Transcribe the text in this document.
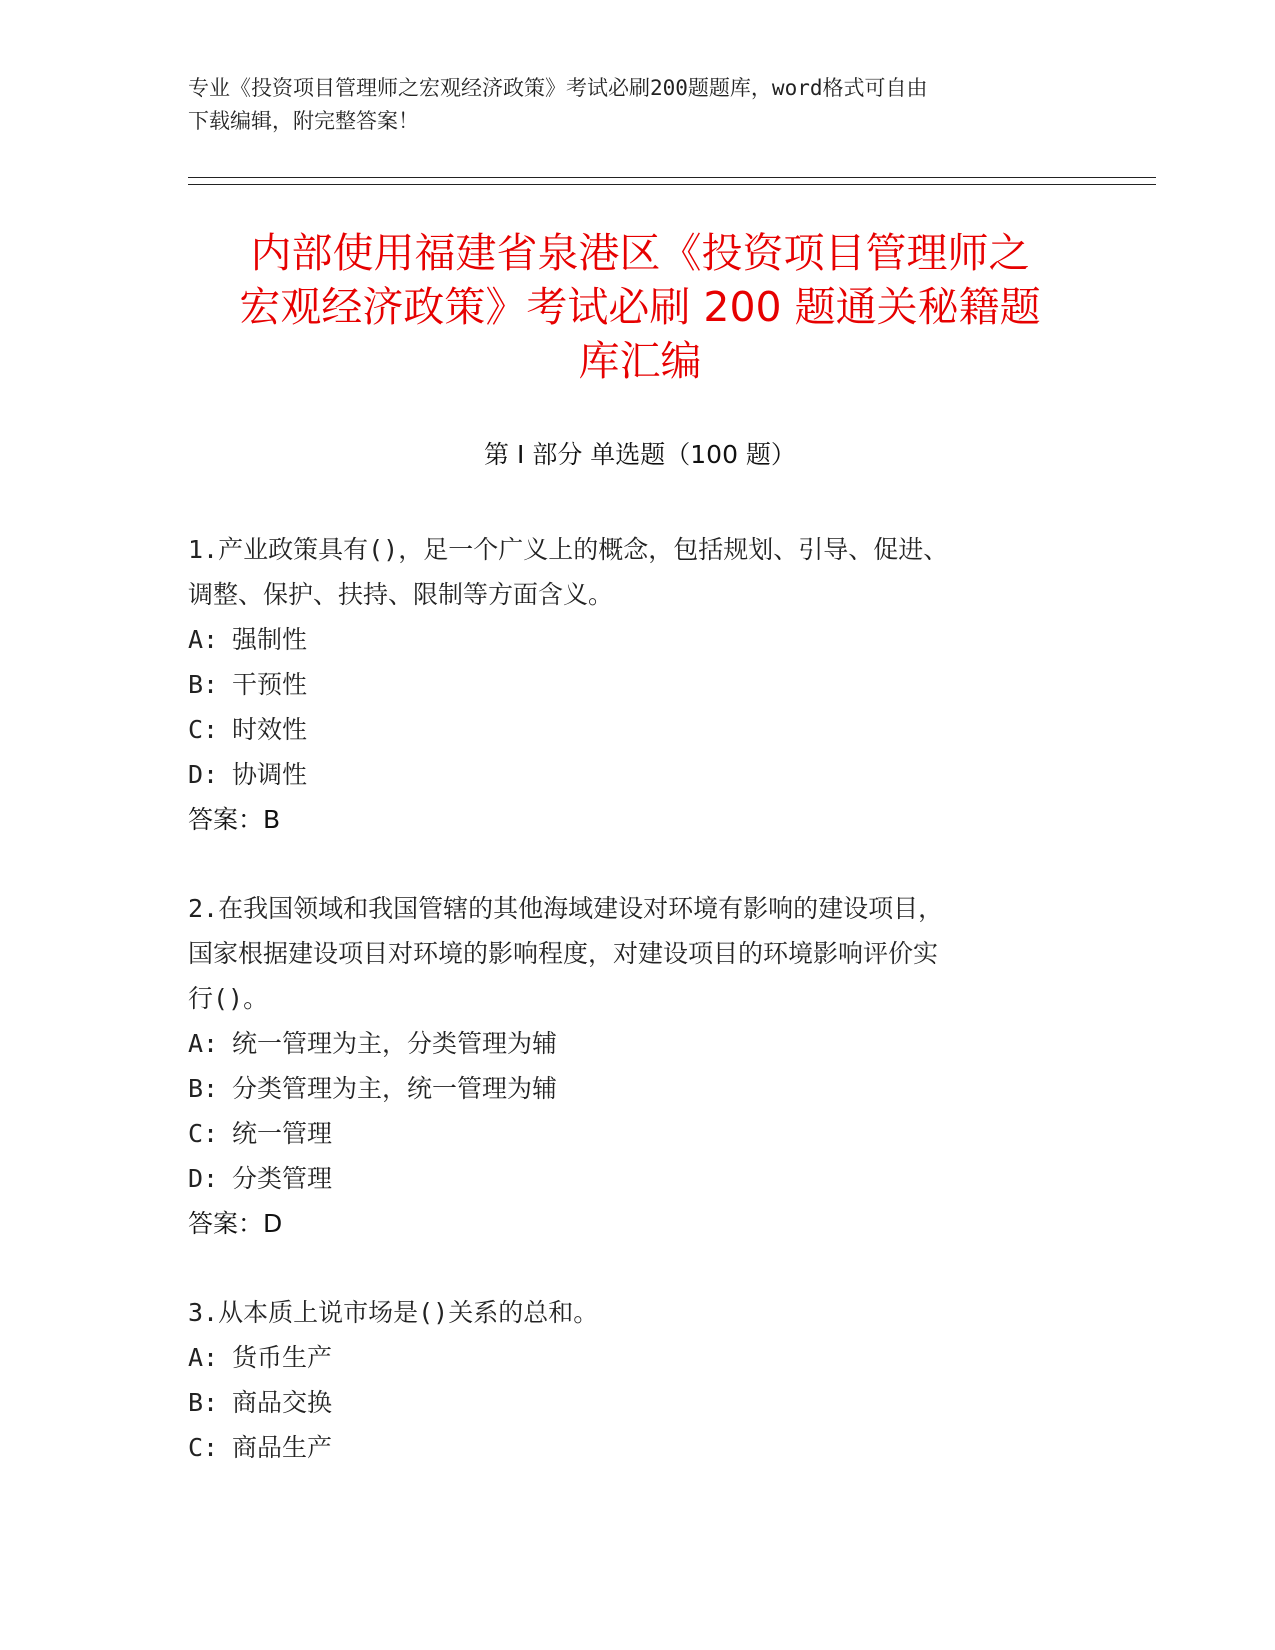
专业《投资项目管理师之宏观经济政策》考试必刷200题题库，word格式可自由
下载编辑，附完整答案！

内部使用福建省泉港区《投资项目管理师之
宏观经济政策》考试必刷 200 题通关秘籍题
库汇编
第 I 部分 单选题（100 题）

1.产业政策具有()，足一个广义上的概念，包括规划、引导、促进、
调整、保护、扶持、限制等方面含义。

A: 强制性
B: 干预性
C: 时效性
D: 协调性
答案：B

2.在我国领域和我国管辖的其他海域建设对环境有影响的建设项目，
国家根据建设项目对环境的影响程度，对建设项目的环境影响评价实
行()。

A: 统一管理为主，分类管理为辅
B: 分类管理为主，统一管理为辅
C: 统一管理
D: 分类管理
答案：D

3.从本质上说市场是()关系的总和。

A: 货币生产
B: 商品交换
C: 商品生产
